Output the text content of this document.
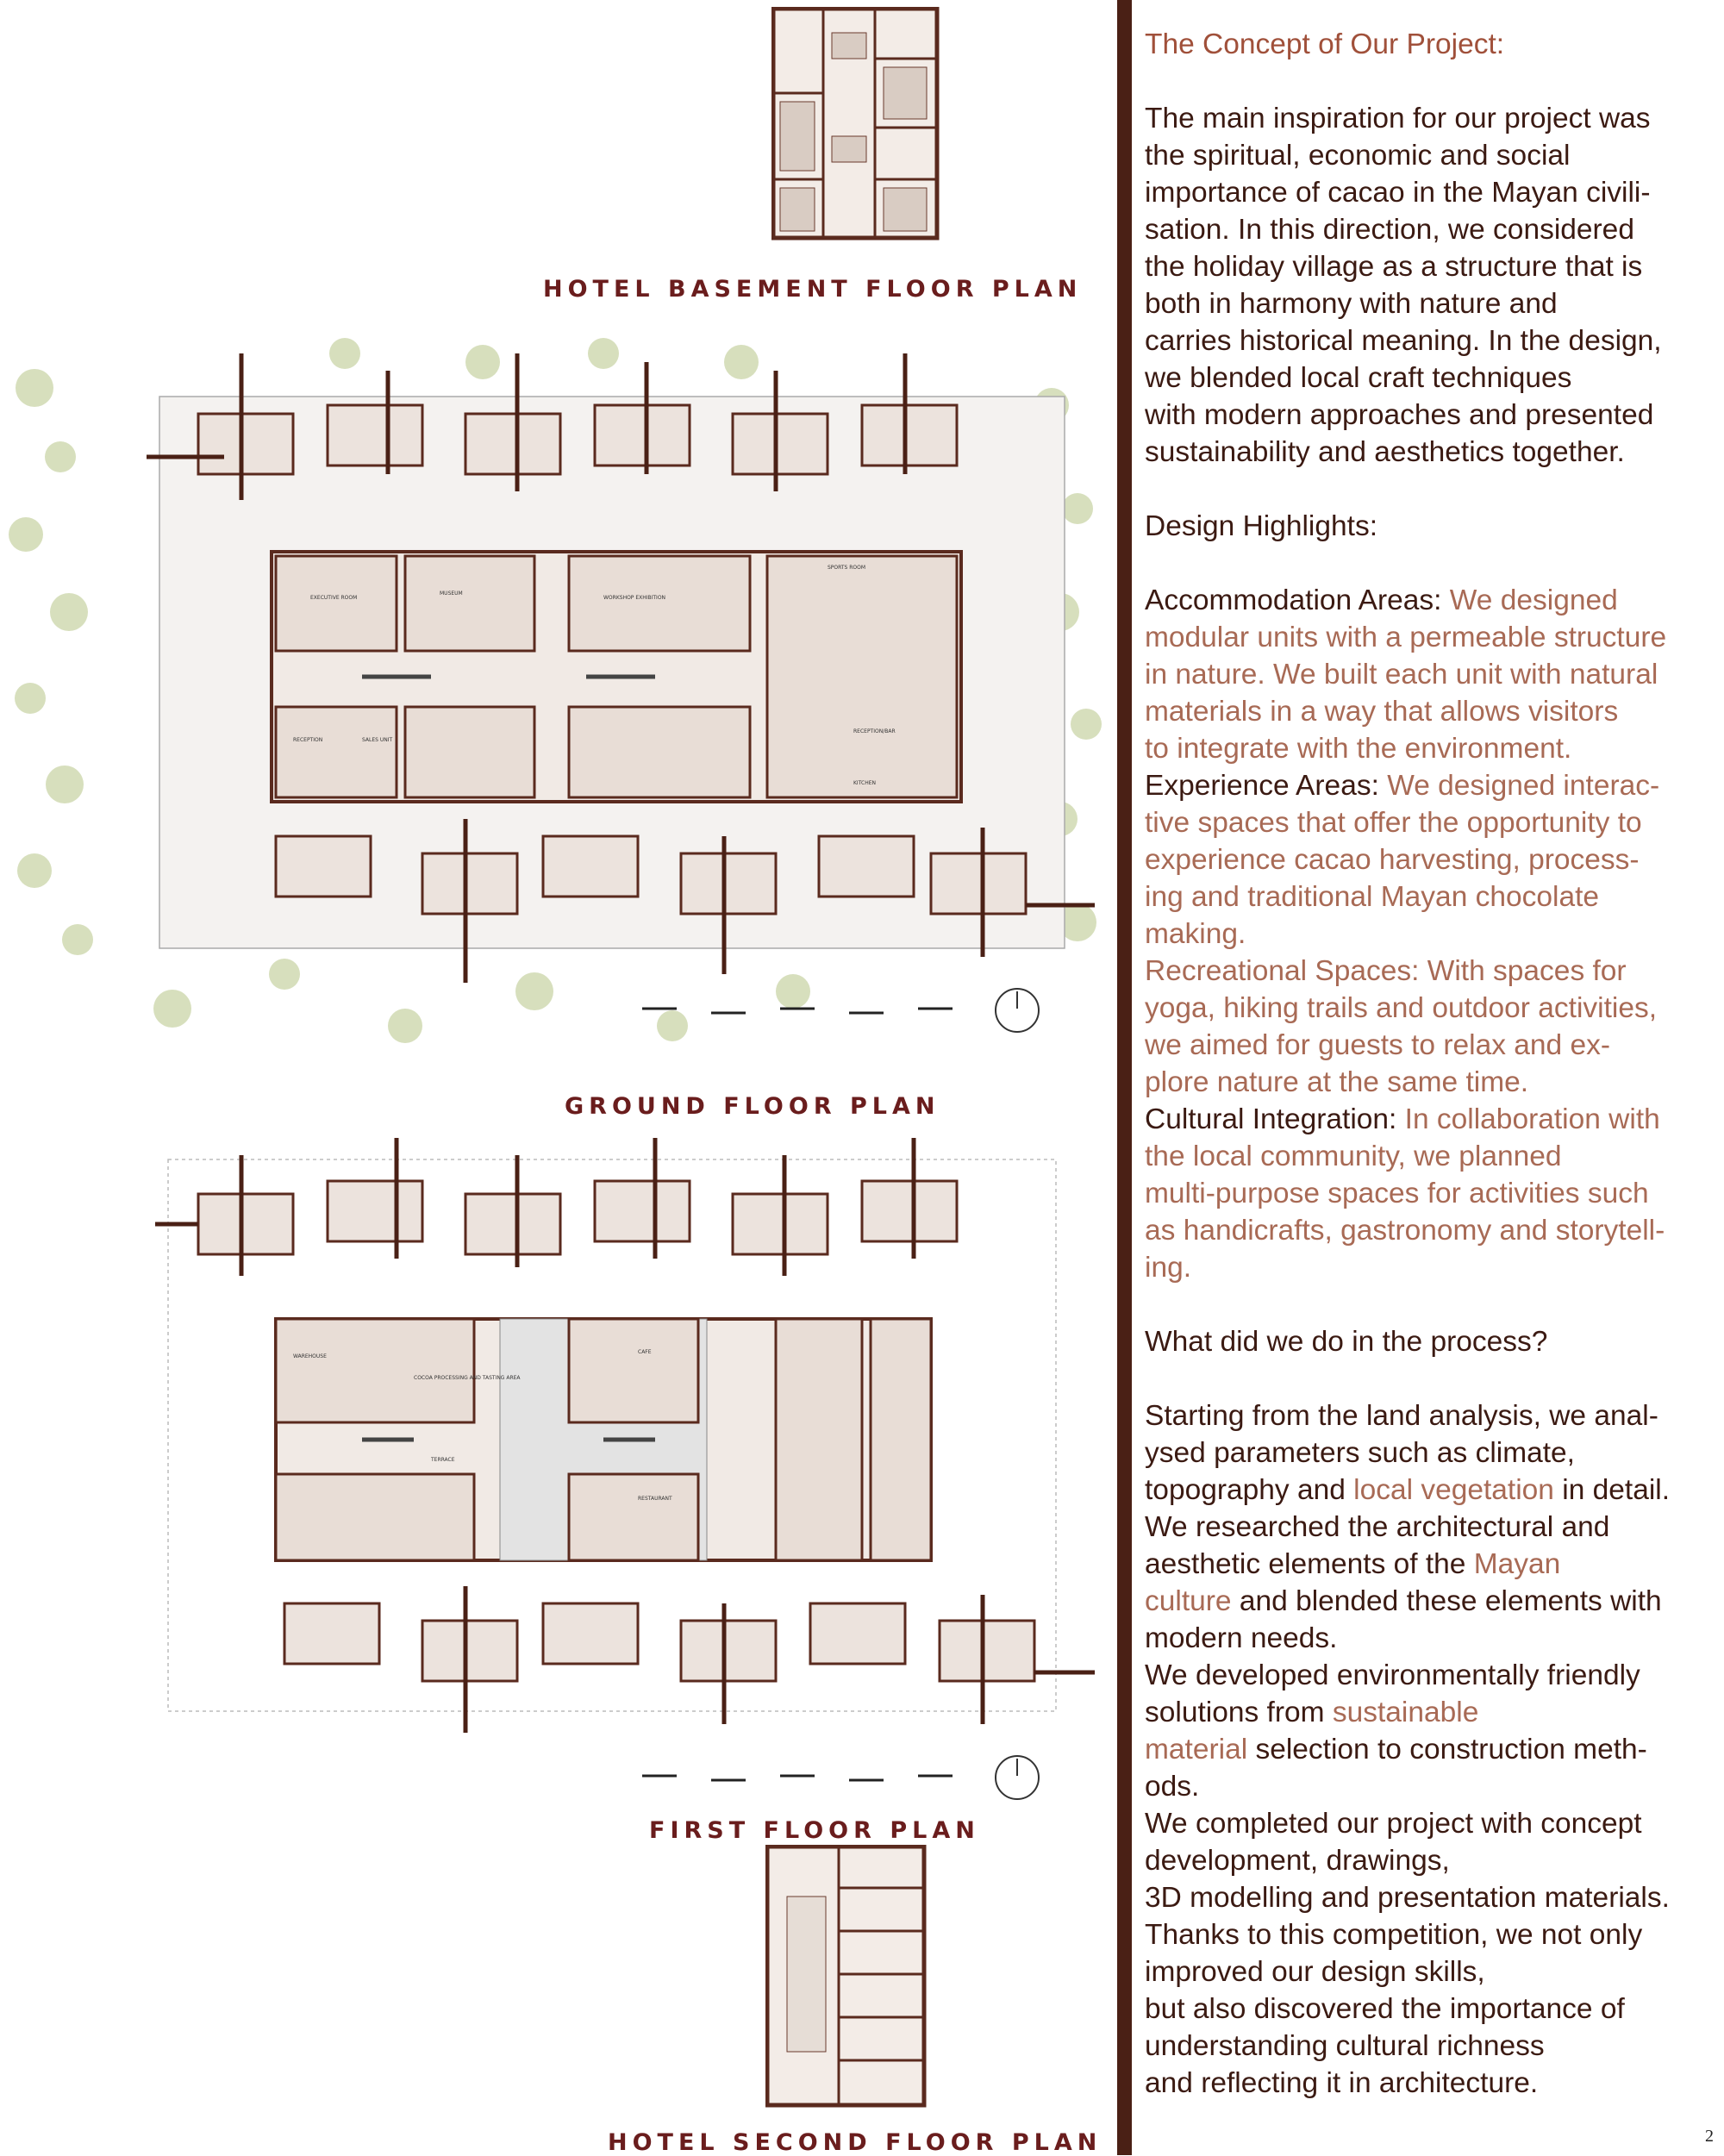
HOTEL BASEMENT FLOOR PLAN
EXECUTIVE ROOM
MUSEUM
WORKSHOP EXHIBITION
SPORTS ROOM
RECEPTION	SALES UNIT
RECEPTION/BAR
KITCHEN
GROUND FLOOR PLAN
WAREHOUSE
COCOA PROCESSING AND TASTING AREA
CAFE
RESTAURANT
TERRACE
FIRST FLOOR PLAN
HOTEL SECOND FLOOR PLAN

The Concept of Our Project:

The main inspiration for our project was
the spiritual, economic and social
importance of cacao in the Mayan civili-
sation. In this direction, we considered
the holiday village as a structure that is
both in harmony with nature and
carries historical meaning. In the design,
we blended local craft techniques
with modern approaches and presented
sustainability and aesthetics together.

Design Highlights:

Accommodation Areas: We designed
modular units with a permeable structure
in nature. We built each unit with natural
materials in a way that allows visitors
to integrate with the environment.
Experience Areas: We designed interac-
tive spaces that offer the opportunity to
experience cacao harvesting, process-
ing and traditional Mayan chocolate
making.
Recreational Spaces: With spaces for
yoga, hiking trails and outdoor activities,
we aimed for guests to relax and ex-
plore nature at the same time.
Cultural Integration: In collaboration with
the local community, we planned
multi-purpose spaces for activities such
as handicrafts, gastronomy and storytell-
ing.

What did we do in the process?

Starting from the land analysis, we anal-
ysed parameters such as climate,
topography and local vegetation in detail.
We researched the architectural and
aesthetic elements of the Mayan
culture and blended these elements with
modern needs.
We developed environmentally friendly
solutions from sustainable
material selection to construction meth-
ods.
We completed our project with concept
development, drawings,
3D modelling and presentation materials.
Thanks to this competition, we not only
improved our design skills,
but also discovered the importance of
understanding cultural richness
and reflecting it in architecture.
2
